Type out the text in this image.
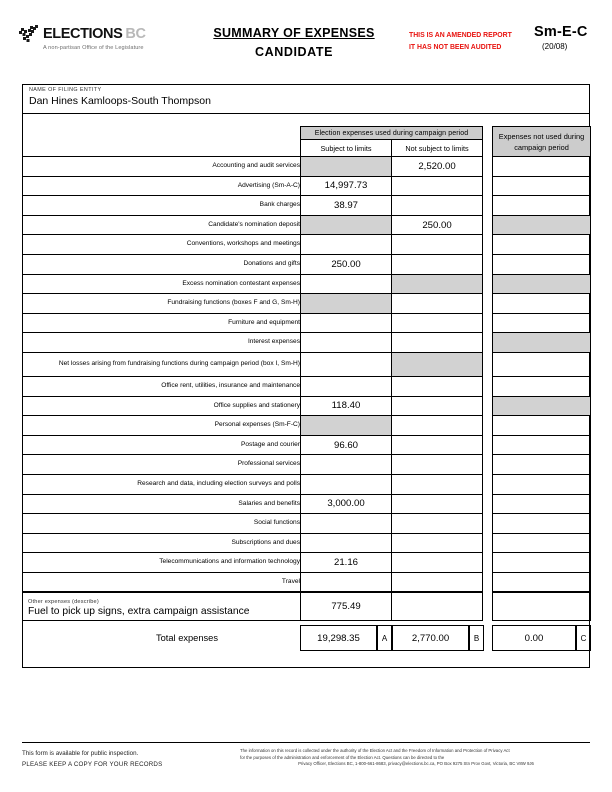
ELECTIONS BC
A non-partisan Office of the Legislature
SUMMARY OF EXPENSES
CANDIDATE
THIS IS AN AMENDED REPORT
IT HAS NOT BEEN AUDITED
Sm-E-C
(20/08)
NAME OF FILING ENTITY
Dan Hines Kamloops-South Thompson
	Election expenses used during campaign period			Expenses not used during campaign period
	Subject to limits	Not subject to limits		
Accounting and audit services		2,520.00		
Advertising (Sm-A-C)	14,997.73			
Bank charges	38.97			
Candidate's nomination deposit		250.00		
Conventions, workshops and meetings				
Donations and gifts	250.00			
Excess nomination contestant expenses				
Fundraising functions (boxes F and G, Sm-H)				
Furniture and equipment				
Interest expenses				
Net losses arising from fundraising functions during campaign period (box I, Sm-H)				
Office rent, utilities, insurance and maintenance				
Office supplies and stationery	118.40			
Personal expenses (Sm-F-C)				
Postage and courier	96.60			
Professional services				
Research and data, including election surveys and polls				
Salaries and benefits	3,000.00			
Social functions				
Subscriptions and dues				
Telecommunications and information technology	21.16			
Travel				
Other expenses (describe)
Fuel to pick up signs, extra campaign assistance	775.49			
Total expenses	19,298.35	A	2,770.00	B	0.00	C
This form is available for public inspection.
PLEASE KEEP A COPY FOR YOUR RECORDS
The information on this record is collected under the authority of the Election Act and the Freedom of Information and Protection of Privacy Act
for the purposes of the administration and enforcement of the Election Act. Questions can be directed to the
Privacy Officer, Elections BC, 1-800-661-8683, privacy@elections.bc.ca, PO Box 9275 Stn Prov Govt, Victoria, BC V8W 9J6
